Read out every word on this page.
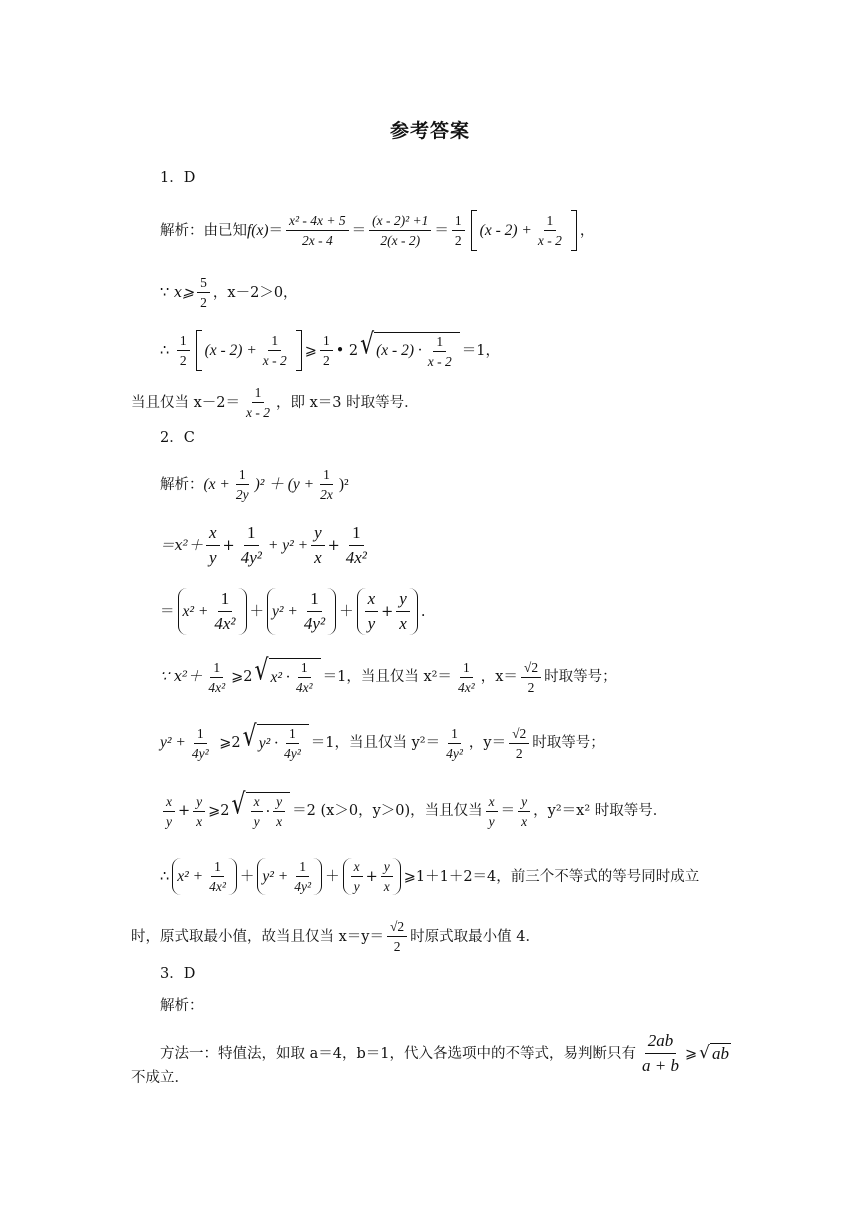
参考答案
1．D
解析：由已知 $f(x) = \frac{\text{x² - 4x + 5}}{2x - 4} = \frac{\text{(x - 2)² +1}}{2(x - 2)} = \frac{1}{2} (x - 2) + \frac{1}{x - 2}$ ，
∵
x⩾ $\frac{5}{2}$ ，x－2＞0，
∴
$\frac{1}{2} (x - 2) + \frac{1}{x - 2}$ ⩾ $\frac{1}{2}$ • 2 √ $(x - 2) \cdot \frac{1}{x - 2} =1$，
当且仅当 $x-2= \frac{1}{x - 2}$ ，即 x＝3 时取等号．
2．C
解析： $(x + \frac{1}{2y} )^2 + (y + \frac{1}{2x} )^2$
$=x^2+ \frac{x}{y} + \frac{1}{\text{4y²}} + y^2 + \frac{y}{x} + \frac{1}{\text{4x²}}$
＝ $x^2 + \frac{1}{\text{4x²}} + y^2 + \frac{1}{\text{4y²}} + \frac{x}{y} + \frac{y}{x}$ .
∵ $x^2+ \frac{1}{\text{4x²}}$ ⩾2 √ $x^2 \cdot \frac{1}{\text{4x²}} =1$，当且仅当 $x^2= \frac{1}{\text{4x²}}$ ，$x= \frac{√2}{2}$ 时取等号；
$y^2 + \frac{1}{\text{4y²}}$
⩾2 √ $y^2 \cdot \frac{1}{\text{4y²}} =1$，当且仅当 $y^2= \frac{1}{\text{4y²}}$ ，$y= \frac{√2}{2}$ 时取等号；
$\frac{x}{y} + \frac{y}{x}$ ⩾2 √ $\frac{x}{y} \cdot \frac{y}{x} =2$ (x＞0，y＞0)，当且仅当 $\frac{x}{y} = \frac{y}{x}$ ，y²＝x² 时取等号．
∴ $x^2 + \frac{1}{\text{4x²}} + y^2 + \frac{1}{\text{4y²}} + \frac{x}{y} + \frac{y}{x}$ ⩾1＋1＋2＝4，前三个不等式的等号同时成立
时，原式取最小值，故当且仅当 $x=y= \frac{√2}{2}$ 时原式取最小值 4．
3．D
解析：
方法一：特值法，如取 a＝4，b＝1，代入各选项中的不等式，易判断只有 $\frac{2ab}{a + b}$ ⩾ √ ab
不成立．
